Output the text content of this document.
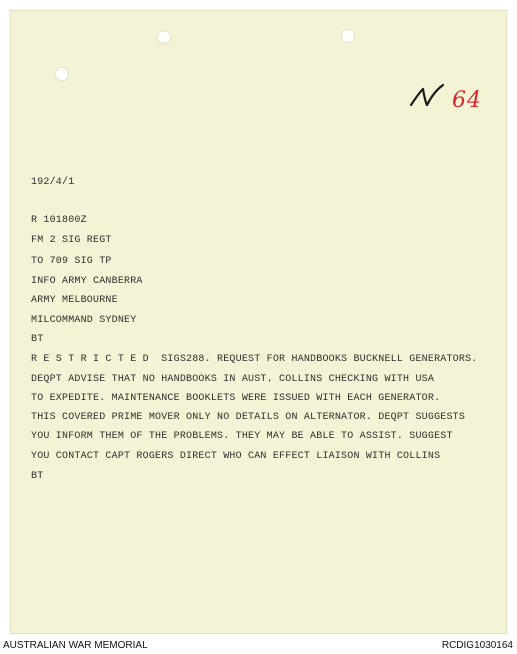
64
192/4/1
R 101800Z
FM 2 SIG REGT
TO 709 SIG TP
INFO ARMY CANBERRA
ARMY MELBOURNE
MILCOMMAND SYDNEY
BT
R E S T R I C T E D  SIGS288. REQUEST FOR HANDBOOKS BUCKNELL GENERATORS.
DEQPT ADVISE THAT NO HANDBOOKS IN AUST. COLLINS CHECKING WITH USA
TO EXPEDITE. MAINTENANCE BOOKLETS WERE ISSUED WITH EACH GENERATOR.
THIS COVERED PRIME MOVER ONLY NO DETAILS ON ALTERNATOR. DEQPT SUGGESTS
YOU INFORM THEM OF THE PROBLEMS. THEY MAY BE ABLE TO ASSIST. SUGGEST
YOU CONTACT CAPT ROGERS DIRECT WHO CAN EFFECT LIAISON WITH COLLINS
BT
AUSTRALIAN WAR MEMORIAL	RCDIG1030164
